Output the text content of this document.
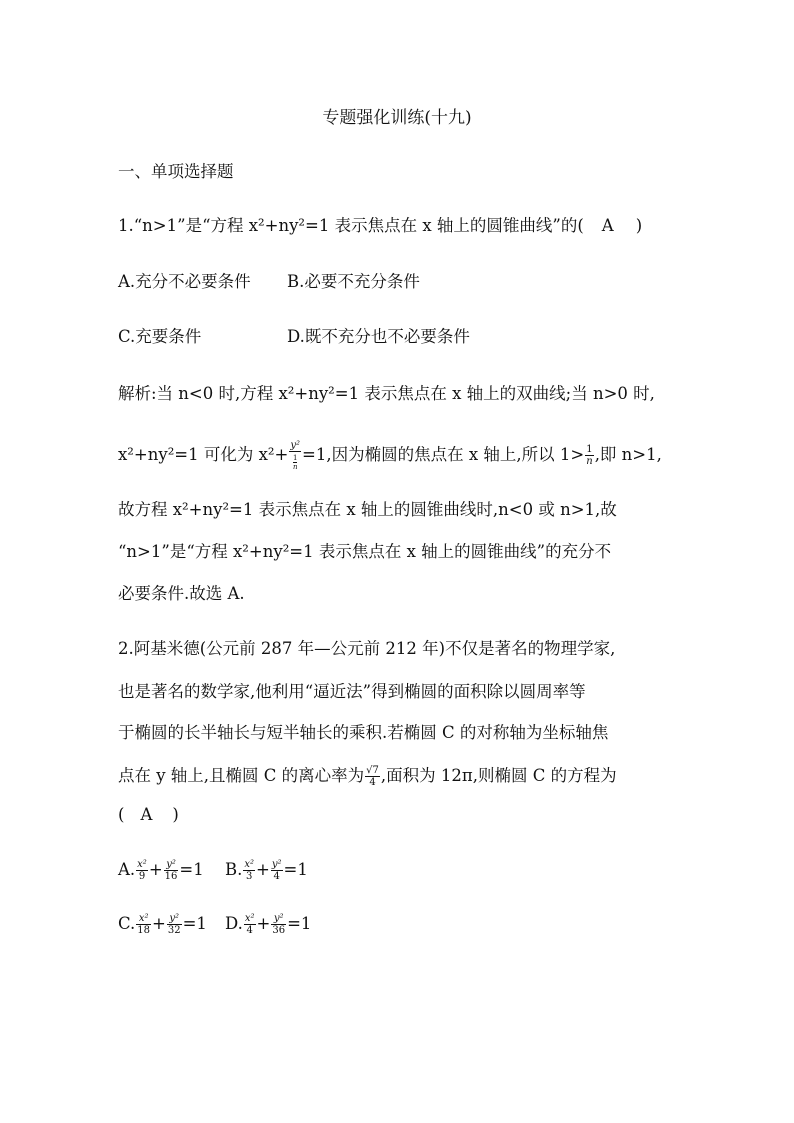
专题强化训练(十九)
一、单项选择题
1.“n>1”是“方程 x²+ny²=1 表示焦点在 x 轴上的圆锥曲线”的( A )
A.充分不必要条件 B.必要不充分条件
C.充要条件	D.既不充分也不必要条件
解析:当 n<0 时,方程 x²+ny²=1 表示焦点在 x 轴上的双曲线;当 n>0 时,
x²+ny²=1 可化为 $x^2+ \frac{\text{y²}}{\frac{1}{n}} =1$,因为椭圆的焦点在 x 轴上,所以 $1> \frac{1}{n}$ ,即 n>1,
故方程 x²+ny²=1 表示焦点在 x 轴上的圆锥曲线时,n<0 或 n>1,故
“n>1”是“方程 x²+ny²=1 表示焦点在 x 轴上的圆锥曲线”的充分不
必要条件.故选 A.
2.阿基米德(公元前 287 年—公元前 212 年)不仅是著名的物理学家,
也是著名的数学家,他利用“逼近法”得到椭圆的面积除以圆周率等
于椭圆的长半轴长与短半轴长的乘积.若椭圆 C 的对称轴为坐标轴焦
点在 y 轴上,且椭圆 C 的离心率为 $\frac{√7}{4}$ ,面积为 12π,则椭圆 C 的方程为
( A )
A. $\frac{\text{x²}}{9} + \frac{\text{y²}}{16} =1$ B. $\frac{\text{x²}}{3} + \frac{\text{y²}}{4} =1$
C. $\frac{\text{x²}}{18} + \frac{\text{y²}}{32} =1$ D. $\frac{\text{x²}}{4} + \frac{\text{y²}}{36} =1$
